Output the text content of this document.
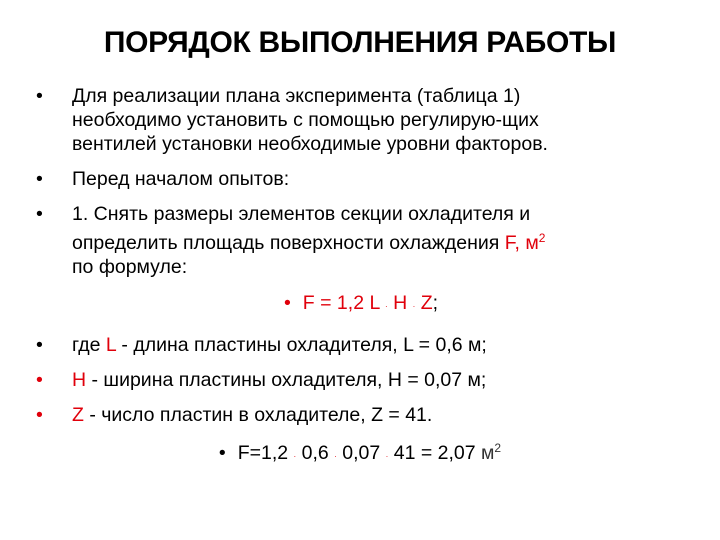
ПОРЯДОК ВЫПОЛНЕНИЯ РАБОТЫ
• Для реализации плана эксперимента (таблица 1)
необходимо установить с помощью регулирую-щих
вентилей установки необходимые уровни факторов.
• Перед началом опытов:
• 1. Снять размеры элементов секции охладителя и
определить площадь поверхности охлаждения F, $м^2$
по формуле:
• F = 1,2 L · H · Z;
• где L - длина пластины охладителя, L = 0,6 м;
• H - ширина пластины охладителя, H = 0,07 м;
• Z - число пластин в охладителе, Z = 41.
• F=1,2 · 0,6 · 0,07 · 41 = 2,07 $м^2$
